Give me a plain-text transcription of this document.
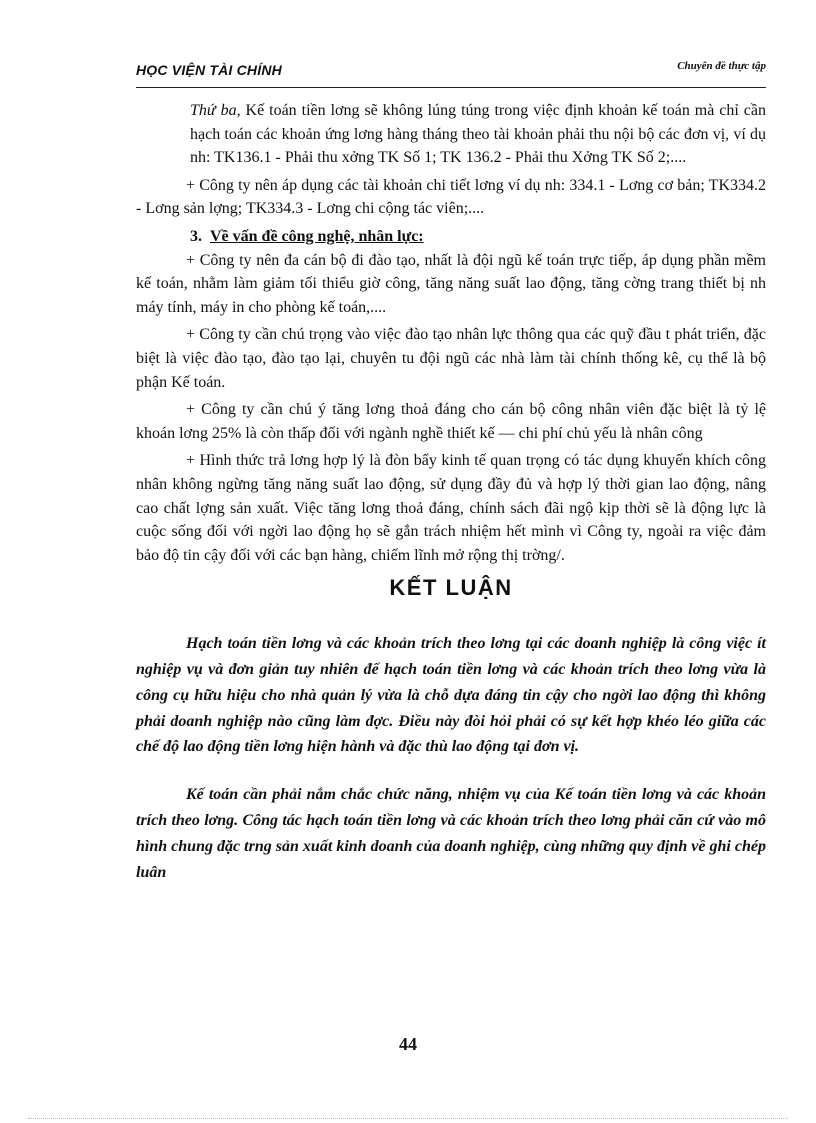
HỌC VIỆN TÀI CHÍNH	Chuyên đề thực tập

Thứ ba, Kế toán tiền lơng sẽ không lúng túng trong việc định khoản kế toán mà chỉ cần hạch toán các khoản ứng lơng hàng tháng theo tài khoản phải thu nội bộ các đơn vị, ví dụ nh: TK136.1 - Phải thu xởng TK Số 1; TK 136.2 - Phải thu Xởng TK Số 2;....

+ Công ty nên áp dụng các tài khoản chi tiết lơng ví dụ nh: 334.1 - Lơng cơ bản; TK334.2 - Lơng sản lợng; TK334.3 - Lơng chi cộng tác viên;....

3. Về vấn đề công nghệ, nhân lực:

+ Công ty nên đa cán bộ đi đào tạo, nhất là đội ngũ kế toán trực tiếp, áp dụng phần mềm kế toán, nhằm làm giảm tối thiểu giờ công, tăng năng suất lao động, tăng cờng trang thiết bị nh máy tính, máy in cho phòng kế toán,....

+ Công ty cần chú trọng vào việc đào tạo nhân lực thông qua các quỹ đầu t phát triển, đặc biệt là việc đào tạo, đào tạo lại, chuyên tu đội ngũ các nhà làm tài chính thống kê, cụ thể là bộ phận Kế toán.

+ Công ty cần chú ý tăng lơng thoả đáng cho cán bộ công nhân viên đặc biệt là tỷ lệ khoán lơng 25% là còn thấp đối với ngành nghề thiết kế — chi phí chủ yếu là nhân công

+ Hình thức trả lơng hợp lý là đòn bẩy kinh tế quan trọng có tác dụng khuyến khích công nhân không ngừng tăng năng suất lao động, sử dụng đầy đủ và hợp lý thời gian lao động, nâng cao chất lợng sản xuất. Việc tăng lơng thoả đáng, chính sách đãi ngộ kịp thời sẽ là động lực là cuộc sống đối với ngời lao động họ sẽ gắn trách nhiệm hết mình vì Công ty, ngoài ra việc đảm bảo độ tin cậy đối với các bạn hàng, chiếm lĩnh mở rộng thị trờng/.

KẾT LUẬN

Hạch toán tiền lơng và các khoản trích theo lơng tại các doanh nghiệp là công việc ít nghiệp vụ và đơn giản tuy nhiên để hạch toán tiền lơng và các khoản trích theo lơng vừa là công cụ hữu hiệu cho nhà quản lý vừa là chỗ dựa đáng tin cậy cho ngời lao động thì không phải doanh nghiệp nào cũng làm đợc. Điều này đòi hỏi phải có sự kết hợp khéo léo giữa các chế độ lao động tiền lơng hiện hành và đặc thù lao động tại đơn vị.

Kế toán cần phải nắm chắc chức năng, nhiệm vụ của Kế toán tiền lơng và các khoản trích theo lơng. Công tác hạch toán tiền lơng và các khoản trích theo lơng phải căn cứ vào mô hình chung đặc trng sản xuất kinh doanh của doanh nghiệp, cùng những quy định về ghi chép luân

44
